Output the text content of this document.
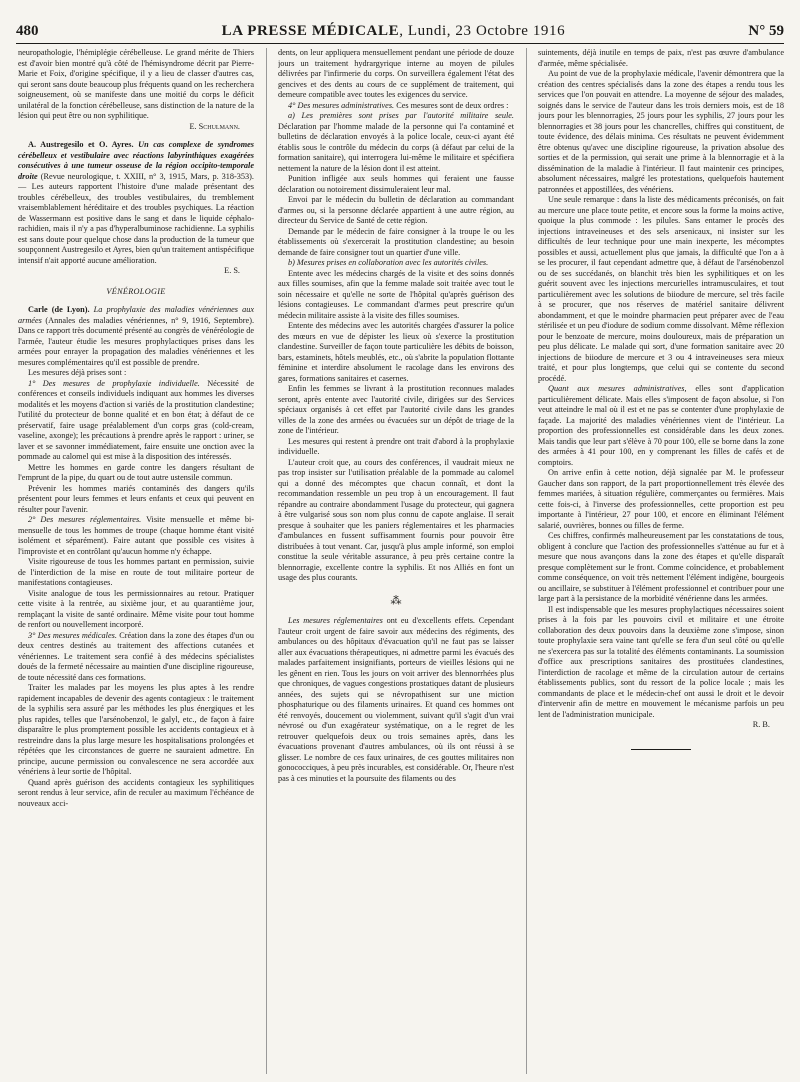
480	LA PRESSE MÉDICALE, Lundi, 23 Octobre 1916	N° 59

neuropathologie, l'hémiplégie cérébelleuse. Le grand mérite de Thiers est d'avoir bien montré qu'à côté de l'hémisyndrome décrit par Pierre-Marie et Foix, d'origine spécifique, il y a lieu de classer d'autres cas, qui seront sans doute beaucoup plus fréquents quand on les recherchera soigneusement, où se manifeste dans une moitié du corps le déficit unilatéral de la fonction cérébelleuse, sans distinction de la nature de la lésion qui peut être ou non syphilitique.

E. Schulmann.

A. Austregesilo et O. Ayres. Un cas complexe de syndromes cérébelleux et vestibulaire avec réactions labyrinthiques exagérées consécutives à une tumeur osseuse de la région occipito-temporale droite (Revue neurologique, t. XXIII, n° 3, 1915, Mars, p. 318-353). — Les auteurs rapportent l'histoire d'une malade présentant des troubles cérébelleux, des troubles vestibulaires, du tremblement vraisemblablement héréditaire et des troubles psychiques. La réaction de Wassermann est positive dans le sang et dans le liquide céphalo-rachidien, mais il n'y a pas d'hyperalbuminose rachidienne. La syphilis est sans doute pour quelque chose dans la production de la tumeur que soupçonnent Austregesilo et Ayres, bien qu'un traitement antispécifique intensif n'ait apporté aucune amélioration.

E. S.

VÉNÉROLOGIE

Carle (de Lyon). La prophylaxie des maladies vénériennes aux armées (Annales des maladies vénériennes, n° 9, 1916, Septembre). Dans ce rapport très documenté présenté au congrès de vénéréologie de l'armée, l'auteur étudie les mesures prophylactiques prises dans les armées pour enrayer la propagation des maladies vénériennes et les mesures complémentaires qu'il est possible de prendre.

Les mesures déjà prises sont :

1° Des mesures de prophylaxie individuelle. Nécessité de conférences et conseils individuels indiquant aux hommes les diverses modalités et les moyens d'action si variés de la prostitution clandestine; l'utilité du protecteur de bonne qualité et en bon état; à défaut de ce préservatif, faire usage préalablement d'un corps gras (cold-cream, vaseline, axonge); les précautions à prendre après le rapport : uriner, se laver et se savonner immédiatement, faire ensuite une onction avec la pommade au calomel qui est mise à la disposition des intéressés.

Mettre les hommes en garde contre les dangers résultant de l'emprunt de la pipe, du quart ou de tout autre ustensile commun.

Prévenir les hommes mariés contaminés des dangers qu'ils présentent pour leurs femmes et leurs enfants et ceux qui peuvent en résulter pour l'avenir.

2° Des mesures réglementaires. Visite mensuelle et même bi-mensuelle de tous les hommes de troupe (chaque homme étant visité isolément et séparément). Faire autant que possible ces visites à l'improviste et en contrôlant qu'aucun homme n'y échappe.

Visite rigoureuse de tous les hommes partant en permission, suivie de l'interdiction de la mise en route de tout militaire porteur de manifestations contagieuses.

Visite analogue de tous les permissionnaires au retour. Pratiquer cette visite à la rentrée, au sixième jour, et au quarantième jour, remplaçant la visite de santé ordinaire. Même visite pour tout homme de renfort ou nouvellement incorporé.

3° Des mesures médicales. Création dans la zone des étapes d'un ou deux centres destinés au traitement des affections cutanées et vénériennes. Le traitement sera confié à des médecins spécialistes doués de la fermeté nécessaire au maintien d'une discipline rigoureuse, de toute nécessité dans ces formations.

Traiter les malades par les moyens les plus aptes à les rendre rapidement incapables de devenir des agents contagieux : le traitement de la syphilis sera assuré par les méthodes les plus énergiques et les plus rapides, telles que l'arsénobenzol, le galyl, etc., de façon à faire disparaître le plus promptement possible les accidents contagieux et à restreindre dans la plus large mesure les hospitalisations prolongées et répétées que les circonstances de guerre ne sauraient admettre. En principe, aucune permission ou convalescence ne sera accordée aux vénériens à leur sortie de l'hôpital.

Quand après guérison des accidents contagieux les syphilitiques seront rendus à leur service, afin de reculer au maximum l'échéance de nouveaux acci-

dents, on leur appliquera mensuellement pendant une période de douze jours un traitement hydrargyrique interne au moyen de pilules délivrées par l'infirmerie du corps. On surveillera également l'état des gencives et des dents au cours de ce supplément de traitement, qui demeure compatible avec toutes les exigences du service.

4° Des mesures administratives. Ces mesures sont de deux ordres :

a) Les premières sont prises par l'autorité militaire seule. Déclaration par l'homme malade de la personne qui l'a contaminé et bulletins de déclaration envoyés à la police locale, ceux-ci ayant été établis sous le contrôle du médecin du corps (à défaut par celui de la formation sanitaire), qui interrogera lui-même le militaire et spécifiera nettement la nature de la lésion dont il est atteint.

Punition infligée aux seuls hommes qui feraient une fausse déclaration ou notoirement dissimuleraient leur mal.

Envoi par le médecin du bulletin de déclaration au commandant d'armes ou, si la personne déclarée appartient à une autre région, au directeur du Service de Santé de cette région.

Demande par le médecin de faire consigner à la troupe le ou les établissements où s'exercerait la prostitution clandestine; au besoin demande de faire consigner tout un quartier d'une ville.

b) Mesures prises en collaboration avec les autorités civiles.

Entente avec les médecins chargés de la visite et des soins donnés aux filles soumises, afin que la femme malade soit traitée avec tout le soin nécessaire et qu'elle ne sorte de l'hôpital qu'après guérison des lésions contagieuses. Le commandant d'armes peut prescrire qu'un médecin militaire assiste à la visite des filles soumises.

Entente des médecins avec les autorités chargées d'assurer la police des mœurs en vue de dépister les lieux où s'exerce la prostitution clandestine. Surveiller de façon toute particulière les débits de boisson, bars, estaminets, hôtels meublés, etc., où s'abrite la population flottante féminine et interdire absolument le racolage dans les environs des gares, formations sanitaires et casernes.

Enfin les femmes se livrant à la prostitution reconnues malades seront, après entente avec l'autorité civile, dirigées sur des Services spéciaux organisés à cet effet par l'autorité civile dans les grandes villes de la zone des armées ou évacuées sur un dépôt de triage de la zone de l'intérieur.

Les mesures qui restent à prendre ont trait d'abord à la prophylaxie individuelle.

L'auteur croit que, au cours des conférences, il vaudrait mieux ne pas trop insister sur l'utilisation préalable de la pommade au calomel qui a donné des mécomptes que chacun connaît, et dont la recommandation ressemble un peu trop à un encouragement. Il faut répandre au contraire abondamment l'usage du protecteur, qui gagnera à être vulgarisé sous son nom plus connu de capote anglaise. Il serait presque à souhaiter que les paniers réglementaires et les pharmacies d'ambulances en fussent suffisamment fournis pour pouvoir être distribuées à tout venant. Car, jusqu'à plus ample informé, son emploi constitue la seule véritable assurance, à peu près certaine contre la blennorragie, excellente contre la syphilis. Et nos Alliés en font un usage des plus courants.

⁂

Les mesures réglementaires ont eu d'excellents effets. Cependant l'auteur croit urgent de faire savoir aux médecins des régiments, des ambulances ou des hôpitaux d'évacuation qu'il ne faut pas se laisser aller aux évacuations thérapeutiques, ni admettre parmi les évacués des malades parfaitement insignifiants, porteurs de vieilles lésions qui ne les gênent en rien. Tous les jours on voit arriver des blennorrhées plus que chroniques, de vagues congestions prostatiques datant de plusieurs années, des sujets qui se névropathisent sur une miction phosphaturique ou des filaments urinaires. Et quand ces hommes ont été renvoyés, doucement ou violemment, suivant qu'il s'agit d'un vrai névrosé ou d'un exagérateur systématique, on a le regret de les retrouver quelquefois deux ou trois semaines après, dans les évacuations provenant d'autres ambulances, où ils ont réussi à se glisser. Le nombre de ces faux urinaires, de ces gouttes militaires non gonococciques, à peu près incurables, est considérable. Or, l'heure n'est pas à ces minuties et la poursuite des filaments ou des

suintements, déjà inutile en temps de paix, n'est pas œuvre d'ambulance d'armée, même spécialisée.

Au point de vue de la prophylaxie médicale, l'avenir démontrera que la création des centres spécialisés dans la zone des étapes a rendu tous les services que l'on pouvait en attendre. La moyenne de séjour des malades, soignés dans le service de l'auteur dans les trois derniers mois, est de 18 jours pour les blennorragies, 25 jours pour les syphilis, 27 jours pour les blennorragies et 38 jours pour les chancrelles, chiffres qui constituent, de toute évidence, des délais minima. Ces résultats ne peuvent évidemment être obtenus qu'avec une discipline rigoureuse, la privation absolue des sorties et de la permission, qui serait une prime à la blennorragie et à la dissémination de la maladie à l'intérieur. Il faut maintenir ces principes, absolument nécessaires, malgré les protestations, quelquefois hautement patronnées et appostillées, des vénériens.

Une seule remarque : dans la liste des médicaments préconisés, on fait au mercure une place toute petite, et encore sous la forme la moins active, quoique la plus commode : les pilules. Sans entamer le procès des injections intraveineuses et des sels arsenicaux, ni insister sur les difficultés de leur technique pour une main inexperte, les mécomptes possibles et aussi, actuellement plus que jamais, la difficulté que l'on a à se les procurer, il faut cependant admettre que, à défaut de l'arsénobenzol ou de ses succédanés, on blanchit très bien les syphilitiques et on les guérit souvent avec les injections mercurielles intramusculaires, et tout particulièrement avec les solutions de biiodure de mercure, sel très facile à se procurer, que nos réserves de matériel sanitaire délivrent abondamment, et que le moindre pharmacien peut préparer avec de l'eau stérilisée et un peu d'iodure de sodium comme dissolvant. Même réflexion pour le benzoate de mercure, moins douloureux, mais de préparation un peu plus délicate. Le malade qui sort, d'une formation sanitaire avec 20 injections de biiodure de mercure et 3 ou 4 intraveineuses sera mieux traité, et pour plus longtemps, que celui qui se contente du second procédé.

Quant aux mesures administratives, elles sont d'application particulièrement délicate. Mais elles s'imposent de façon absolue, si l'on veut atteindre le mal où il est et ne pas se contenter d'une prophylaxie de façade. La majorité des maladies vénériennes vient de l'intérieur. La proportion des professionnelles est considérable dans les deux zones. Mais tandis que leur part s'élève à 70 pour 100, elle se borne dans la zone des armées à 41 pour 100, en y comprenant les filles de cafés et de comptoirs.

On arrive enfin à cette notion, déjà signalée par M. le professeur Gaucher dans son rapport, de la part proportionnellement très élevée des femmes mariées, à situation régulière, commerçantes ou fermières. Mais cette fois-ci, à l'inverse des professionnelles, cette proportion est peu importante à l'intérieur, 27 pour 100, et encore en éliminant l'élément salarié, ouvrières, bonnes ou filles de ferme.

Ces chiffres, confirmés malheureusement par les constatations de tous, obligent à conclure que l'action des professionnelles s'atténue au fur et à mesure que nous avançons dans la zone des étapes et qu'elle disparaît presque complètement sur le front. Comme coïncidence, et probablement comme conséquence, on voit très nettement l'élément indigène, bourgeois ou ancillaire, se substituer à l'élément professionnel et contribuer pour une large part à la persistance de la morbidité vénérienne dans les armées.

Il est indispensable que les mesures prophylactiques nécessaires soient prises à la fois par les pouvoirs civil et militaire et une étroite collaboration des deux pouvoirs dans la deuxième zone s'impose, sinon toute prophylaxie sera vaine tant qu'elle se fera d'un seul côté ou qu'elle ne s'exercera pas sur la totalité des éléments contaminants. La soumission d'office aux prescriptions sanitaires des prostituées clandestines, l'interdiction de racolage et même de la circulation autour de certains établissements publics, sont du ressort de la police locale ; mais les commandants de place et le médecin-chef ont aussi le droit et le devoir d'intervenir afin de mettre en mouvement le mécanisme parfois un peu lent de l'administration municipale.

R. B.
